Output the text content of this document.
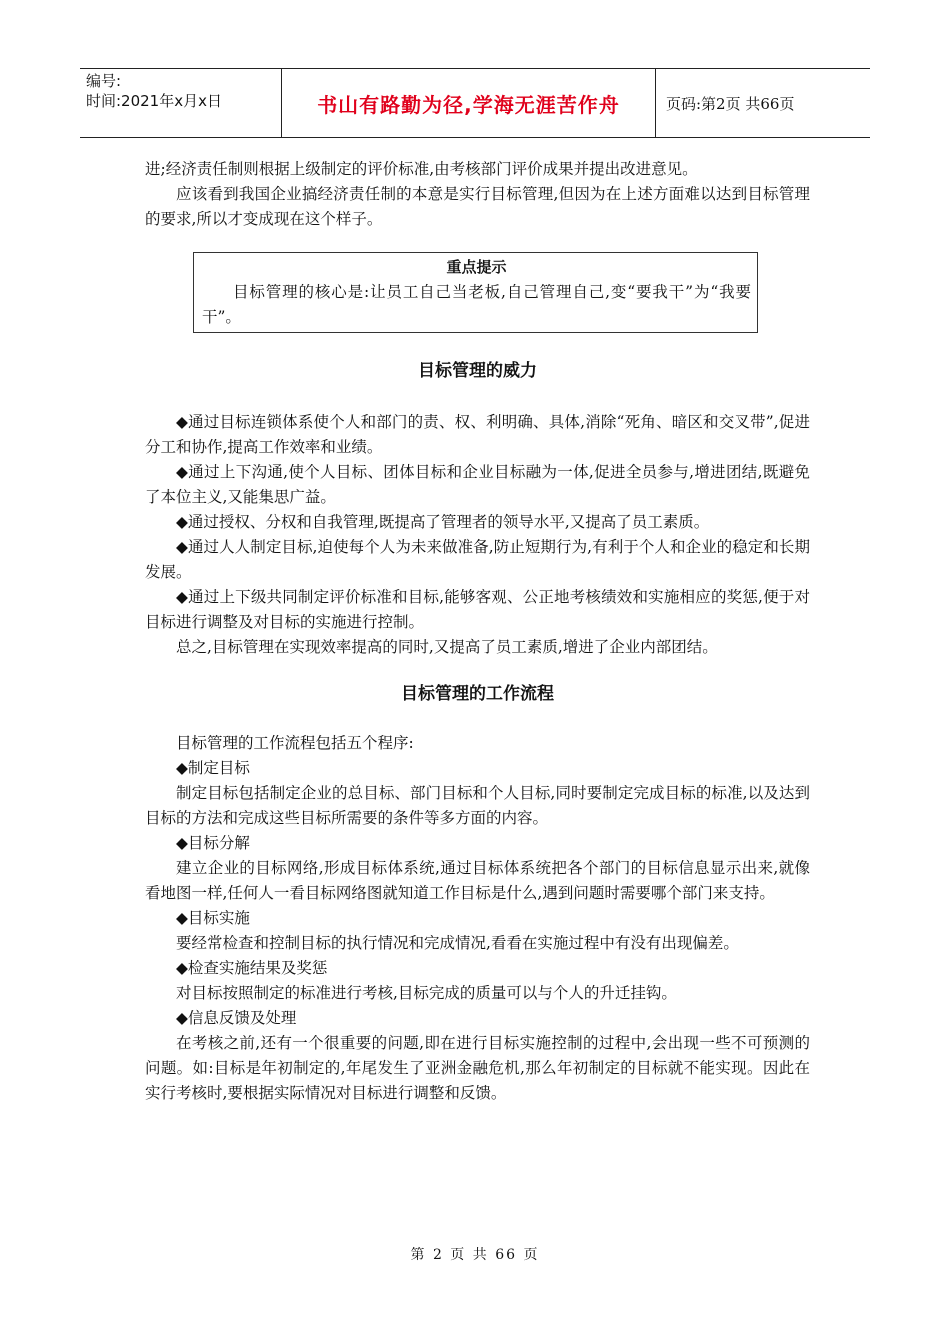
编号:
时间:2021年x月x日	书山有路勤为径,学海无涯苦作舟	页码:第2页 共66页

进;经济责任制则根据上级制定的评价标准,由考核部门评价成果并提出改进意见。

应该看到我国企业搞经济责任制的本意是实行目标管理,但因为在上述方面难以达到目标管理的要求,所以才变成现在这个样子。

重点提示

目标管理的核心是:让员工自己当老板,自己管理自己,变“要我干”为“我要干”。

目标管理的威力

◆通过目标连锁体系使个人和部门的责、权、利明确、具体,消除“死角、暗区和交叉带”,促进分工和协作,提高工作效率和业绩。

◆通过上下沟通,使个人目标、团体目标和企业目标融为一体,促进全员参与,增进团结,既避免了本位主义,又能集思广益。

◆通过授权、分权和自我管理,既提高了管理者的领导水平,又提高了员工素质。

◆通过人人制定目标,迫使每个人为未来做准备,防止短期行为,有利于个人和企业的稳定和长期发展。

◆通过上下级共同制定评价标准和目标,能够客观、公正地考核绩效和实施相应的奖惩,便于对目标进行调整及对目标的实施进行控制。

总之,目标管理在实现效率提高的同时,又提高了员工素质,增进了企业内部团结。

目标管理的工作流程

目标管理的工作流程包括五个程序:

◆制定目标

制定目标包括制定企业的总目标、部门目标和个人目标,同时要制定完成目标的标准,以及达到目标的方法和完成这些目标所需要的条件等多方面的内容。

◆目标分解

建立企业的目标网络,形成目标体系统,通过目标体系统把各个部门的目标信息显示出来,就像看地图一样,任何人一看目标网络图就知道工作目标是什么,遇到问题时需要哪个部门来支持。

◆目标实施

要经常检查和控制目标的执行情况和完成情况,看看在实施过程中有没有出现偏差。

◆检查实施结果及奖惩

对目标按照制定的标准进行考核,目标完成的质量可以与个人的升迁挂钩。

◆信息反馈及处理

在考核之前,还有一个很重要的问题,即在进行目标实施控制的过程中,会出现一些不可预测的问题。如:目标是年初制定的,年尾发生了亚洲金融危机,那么年初制定的目标就不能实现。因此在实行考核时,要根据实际情况对目标进行调整和反馈。

第 2 页 共 66 页
